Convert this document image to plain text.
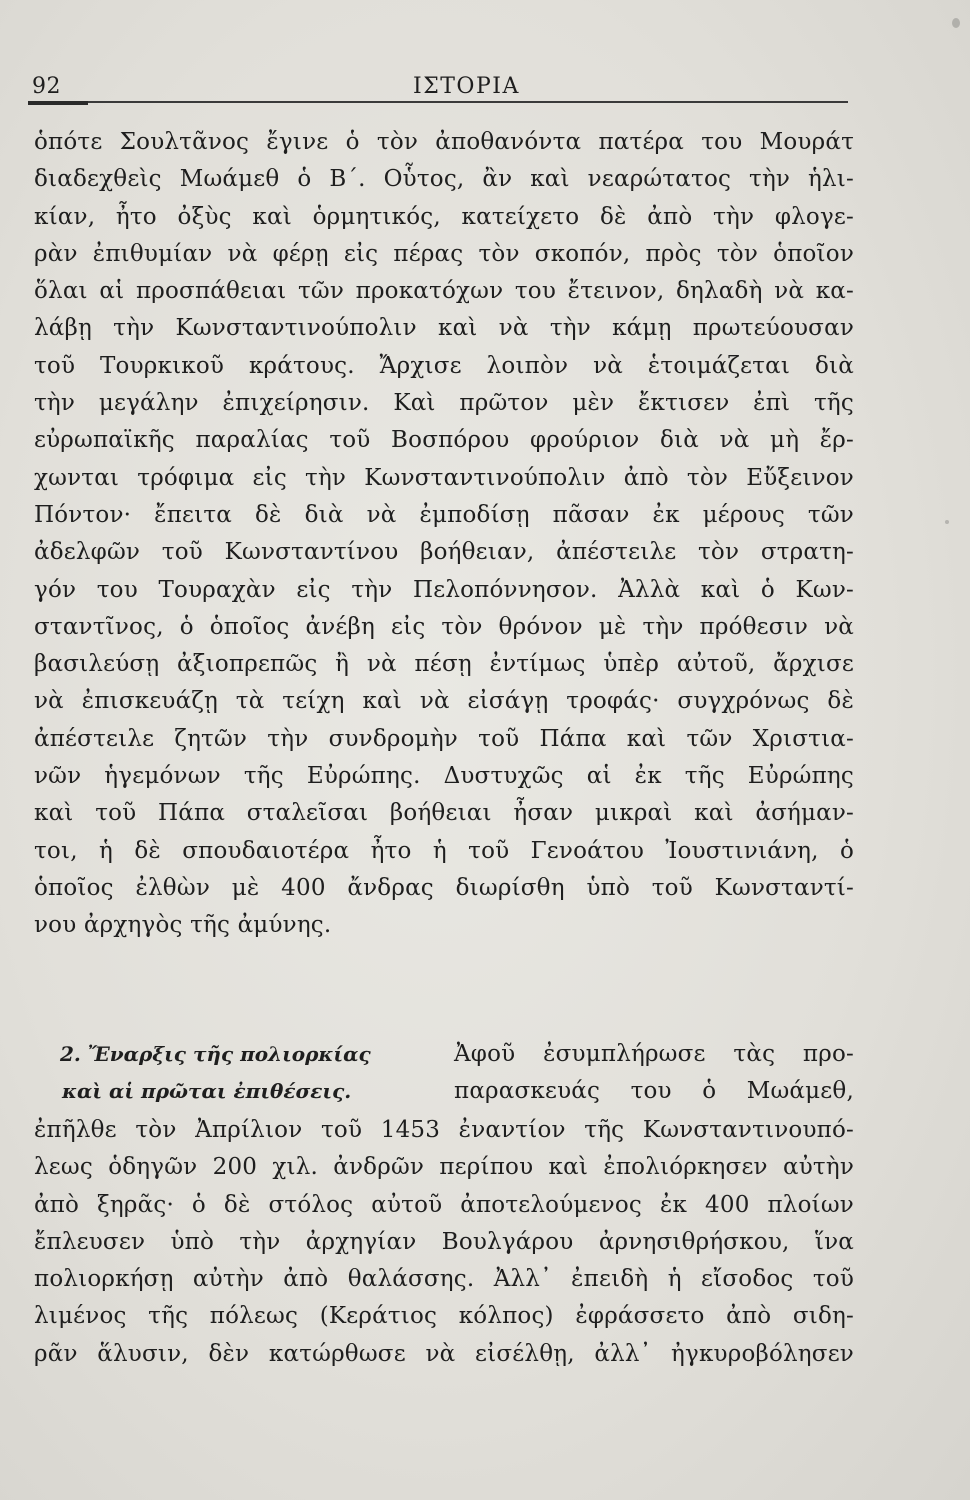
92	ΙΣΤΟΡΙΑ
ὁπότε Σουλτᾶνος ἔγινε ὁ τὸν ἀποθανόντα πατέρα του Μουράτ
διαδεχθεὶς Μωάμεθ ὁ Β΄. Οὗτος, ἂν καὶ νεαρώτατος τὴν ἡλι-
κίαν, ἦτο ὀξὺς καὶ ὁρμητικός, κατείχετο δὲ ἀπὸ τὴν φλογε-
ρὰν ἐπιθυμίαν νὰ φέρῃ εἰς πέρας τὸν σκοπόν, πρὸς τὸν ὁποῖον
ὅλαι αἱ προσπάθειαι τῶν προκατόχων του ἔτεινον, δηλαδὴ νὰ κα-
λάβῃ τὴν Κωνσταντινούπολιν καὶ νὰ τὴν κάμῃ πρωτεύουσαν
τοῦ Τουρκικοῦ κράτους. Ἄρχισε λοιπὸν νὰ ἑτοιμάζεται διὰ
τὴν μεγάλην ἐπιχείρησιν. Καὶ πρῶτον μὲν ἔκτισεν ἐπὶ τῆς
εὐρωπαϊκῆς παραλίας τοῦ Βοσπόρου φρούριον διὰ νὰ μὴ ἔρ-
χωνται τρόφιμα εἰς τὴν Κωνσταντινούπολιν ἀπὸ τὸν Εὔξεινον
Πόντον· ἔπειτα δὲ διὰ νὰ ἐμποδίσῃ πᾶσαν ἐκ μέρους τῶν
ἀδελφῶν τοῦ Κωνσταντίνου βοήθειαν, ἀπέστειλε τὸν στρατη-
γόν του Τουραχὰν εἰς τὴν Πελοπόννησον. Ἀλλὰ καὶ ὁ Κων-
σταντῖνος, ὁ ὁποῖος ἀνέβη εἰς τὸν θρόνον μὲ τὴν πρόθεσιν νὰ
βασιλεύσῃ ἀξιοπρεπῶς ἢ νὰ πέσῃ ἐντίμως ὑπὲρ αὐτοῦ, ἄρχισε
νὰ ἐπισκευάζῃ τὰ τείχη καὶ νὰ εἰσάγῃ τροφάς· συγχρόνως δὲ
ἀπέστειλε ζητῶν τὴν συνδρομὴν τοῦ Πάπα καὶ τῶν Χριστια-
νῶν ἡγεμόνων τῆς Εὐρώπης. Δυστυχῶς αἱ ἐκ τῆς Εὐρώπης
καὶ τοῦ Πάπα σταλεῖσαι βοήθειαι ἦσαν μικραὶ καὶ ἀσήμαν-
τοι, ἡ δὲ σπουδαιοτέρα ἦτο ἡ τοῦ Γενοάτου Ἰουστινιάνη, ὁ
ὁποῖος ἐλθὼν μὲ 400 ἄνδρας διωρίσθη ὑπὸ τοῦ Κωνσταντί-
νου ἀρχηγὸς τῆς ἀμύνης.
2. Ἔναρξις τῆς πολιορκίας
καὶ αἱ πρῶται ἐπιθέσεις.
Ἀφοῦ ἐσυμπλήρωσε τὰς προ-
παρασκευάς του ὁ Μωάμεθ,
ἐπῆλθε τὸν Ἀπρίλιον τοῦ 1453 ἐναντίον τῆς Κωνσταντινουπό-
λεως ὁδηγῶν 200 χιλ. ἀνδρῶν περίπου καὶ ἐπολιόρκησεν αὐτὴν
ἀπὸ ξηρᾶς· ὁ δὲ στόλος αὐτοῦ ἀποτελούμενος ἐκ 400 πλοίων
ἔπλευσεν ὑπὸ τὴν ἀρχηγίαν Βουλγάρου ἀρνησιθρήσκου, ἵνα
πολιορκήσῃ αὐτὴν ἀπὸ θαλάσσης. Ἀλλ᾽ ἐπειδὴ ἡ εἴσοδος τοῦ
λιμένος τῆς πόλεως (Κεράτιος κόλπος) ἐφράσσετο ἀπὸ σιδη-
ρᾶν ἅλυσιν, δὲν κατώρθωσε νὰ εἰσέλθῃ, ἀλλ᾽ ἠγκυροβόλησεν
